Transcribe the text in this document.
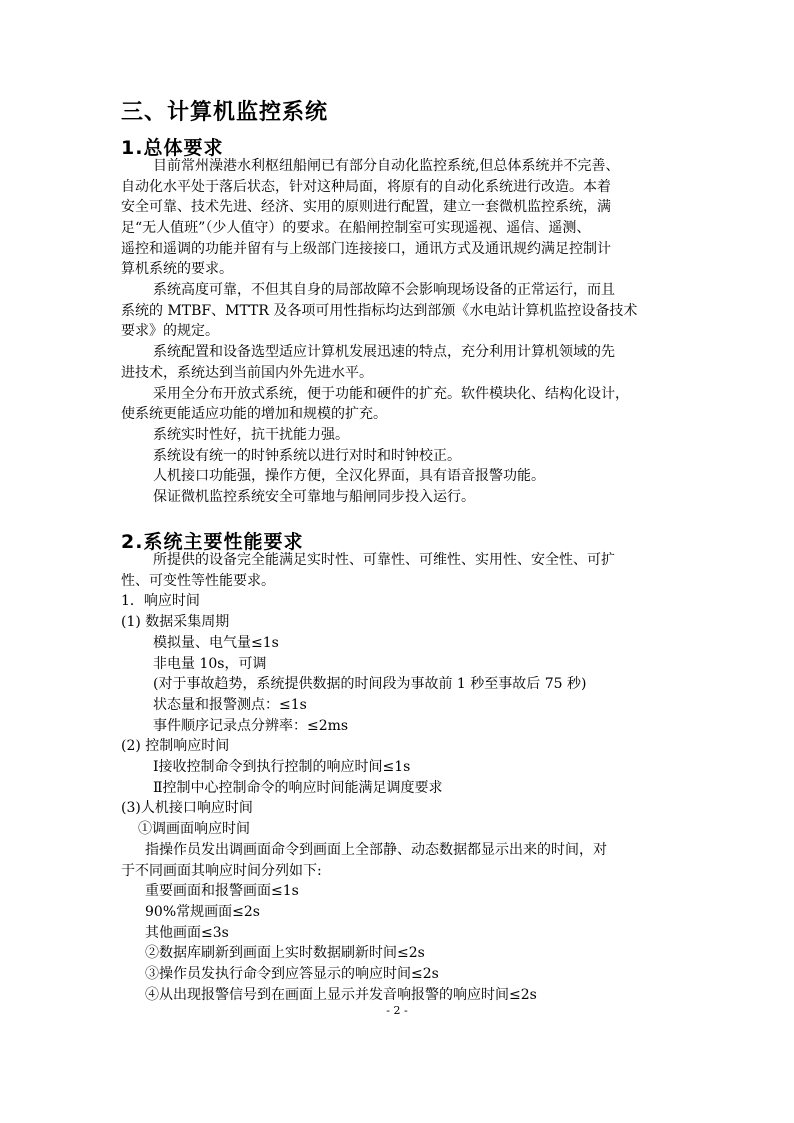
三、计算机监控系统
1.总体要求
目前常州澡港水利枢纽船闸已有部分自动化监控系统,但总体系统并不完善、
自动化水平处于落后状态，针对这种局面，将原有的自动化系统进行改造。本着
安全可靠、技术先进、经济、实用的原则进行配置，建立一套微机监控系统，满
足“无人值班”（少人值守）的要求。在船闸控制室可实现遥视、遥信、遥测、
遥控和遥调的功能并留有与上级部门连接接口，通讯方式及通讯规约满足控制计
算机系统的要求。
系统高度可靠，不但其自身的局部故障不会影响现场设备的正常运行，而且
系统的 MTBF、MTTR 及各项可用性指标均达到部颁《水电站计算机监控设备技术
要求》的规定。
系统配置和设备选型适应计算机发展迅速的特点，充分利用计算机领域的先
进技术，系统达到当前国内外先进水平。
采用全分布开放式系统，便于功能和硬件的扩充。软件模块化、结构化设计，
使系统更能适应功能的增加和规模的扩充。
系统实时性好，抗干扰能力强。
系统设有统一的时钟系统以进行对时和时钟校正。
人机接口功能强，操作方便，全汉化界面，具有语音报警功能。
保证微机监控系统安全可靠地与船闸同步投入运行。
2.系统主要性能要求
所提供的设备完全能满足实时性、可靠性、可维性、实用性、安全性、可扩
性、可变性等性能要求。
1．响应时间
(1) 数据采集周期
模拟量、电气量≤1s
非电量 10s，可调
(对于事故趋势，系统提供数据的时间段为事故前 1 秒至事故后 75 秒)
状态量和报警测点：≤1s
事件顺序记录点分辨率：≤2ms
(2) 控制响应时间
Ⅰ接收控制命令到执行控制的响应时间≤1s
Ⅱ控制中心控制命令的响应时间能满足调度要求
(3)人机接口响应时间
①调画面响应时间
指操作员发出调画面命令到画面上全部静、动态数据都显示出来的时间，对
于不同画面其响应时间分列如下:
重要画面和报警画面≤1s
90%常规画面≤2s
其他画面≤3s
②数据库刷新到画面上实时数据刷新时间≤2s
③操作员发执行命令到应答显示的响应时间≤2s
④从出现报警信号到在画面上显示并发音响报警的响应时间≤2s
- 2 -
